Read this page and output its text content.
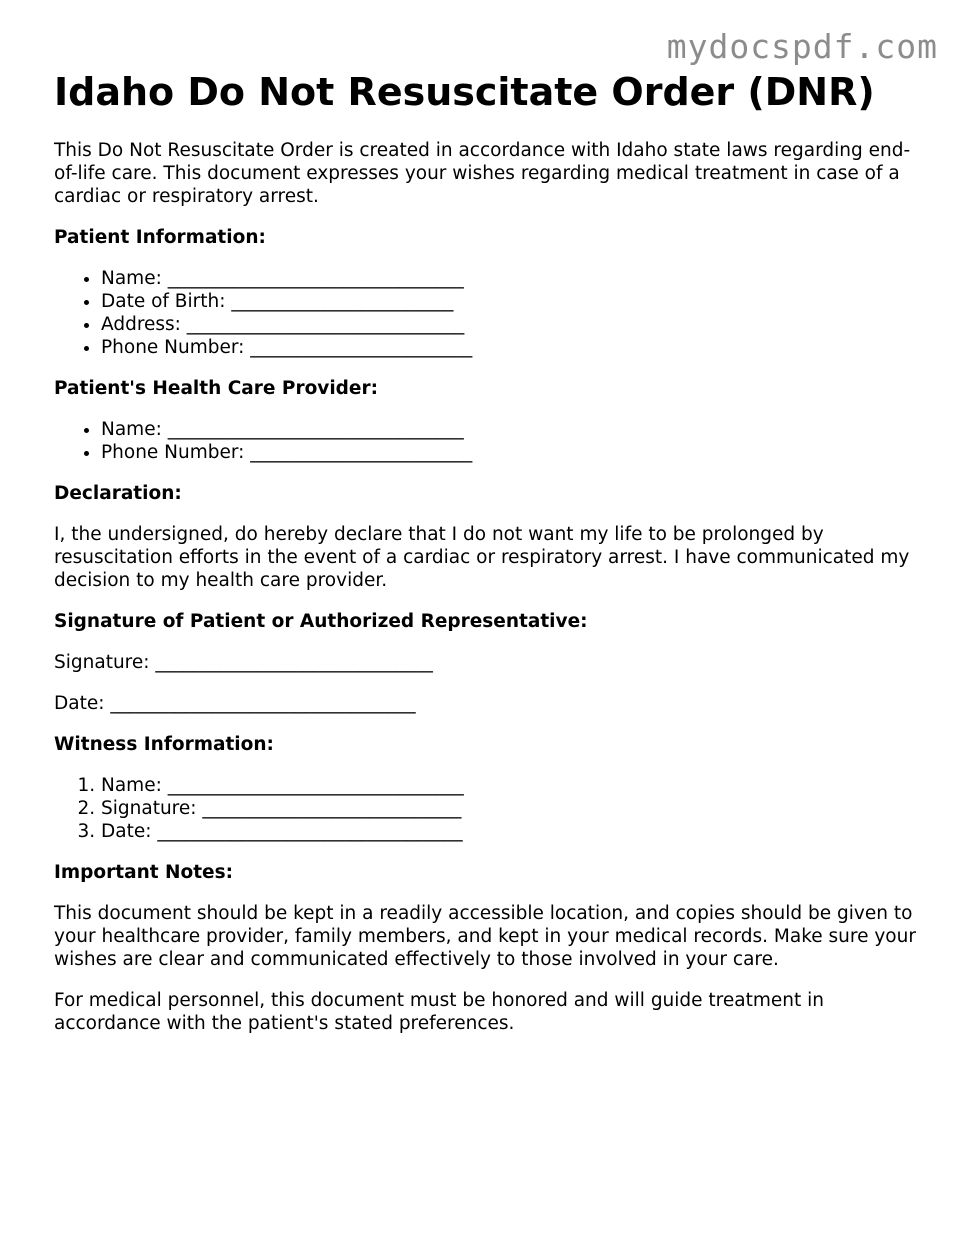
mydocspdf.com
Idaho Do Not Resuscitate Order (DNR)

This Do Not Resuscitate Order is created in accordance with Idaho state laws regarding end-of-life care. This document expresses your wishes regarding medical treatment in case of a cardiac or respiratory arrest.

Patient Information:
• Name: ________________________________
• Date of Birth: ________________________
• Address: ______________________________
• Phone Number: ________________________
Patient's Health Care Provider:
• Name: ________________________________
• Phone Number: ________________________
Declaration:

I, the undersigned, do hereby declare that I do not want my life to be prolonged by resuscitation efforts in the event of a cardiac or respiratory arrest. I have communicated my decision to my health care provider.

Signature of Patient or Authorized Representative:

Signature: ______________________________

Date: _________________________________

Witness Information:
1. Name: ________________________________
2. Signature: ____________________________
3. Date: _________________________________
Important Notes:

This document should be kept in a readily accessible location, and copies should be given to your healthcare provider, family members, and kept in your medical records. Make sure your wishes are clear and communicated effectively to those involved in your care.

For medical personnel, this document must be honored and will guide treatment in accordance with the patient's stated preferences.
